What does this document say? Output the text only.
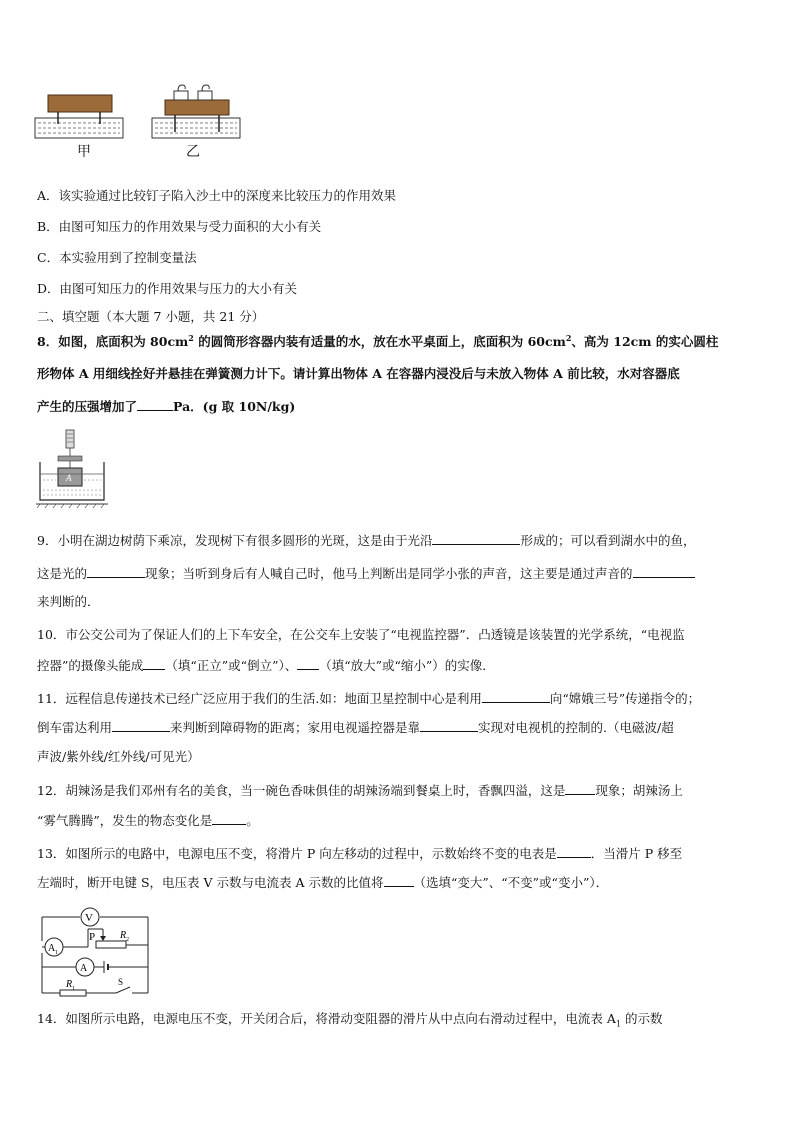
甲	乙
A．该实验通过比较钉子陷入沙土中的深度来比较压力的作用效果
B．由图可知压力的作用效果与受力面积的大小有关
C．本实验用到了控制变量法
D．由图可知压力的作用效果与压力的大小有关
二、填空题（本大题 7 小题，共 21 分）
8．如图，底面积为 $80cm^2$ 的圆筒形容器内装有适量的水，放在水平桌面上，底面积为 $60cm^2$、高为 12cm 的实心圆柱
形物体 A 用细线拴好并悬挂在弹簧测力计下。请计算出物体 A 在容器内浸没后与未放入物体 A 前比较，水对容器底
产生的压强增加了	Pa．(g 取 10N/kg)
A
9．小明在湖边树荫下乘凉，发现树下有很多圆形的光斑，这是由于光沿	形成的；可以看到湖水中的鱼，
这是光的	现象；当听到身后有人喊自己时，他马上判断出是同学小张的声音，这主要是通过声音的
来判断的．
10．市公交公司为了保证人们的上下车安全，在公交车上安装了“电视监控器”．凸透镜是该装置的光学系统，“电视监
控器”的摄像头能成 （填“正立”或“倒立”）、 （填“放大”或“缩小”）的实像．
11．远程信息传递技术已经广泛应用于我们的生活.如：地面卫星控制中心是利用	向“嫦娥三号”传递指令的；
倒车雷达利用	来判断到障碍物的距离；家用电视遥控器是靠	实现对电视机的控制的.（电磁波/超
声波/紫外线/红外线/可见光）
12．胡辣汤是我们邓州有名的美食，当一碗色香味俱佳的胡辣汤端到餐桌上时，香飘四溢，这是 现象；胡辣汤上
“雾气腾腾”，发生的物态变化是	。
13．如图所示的电路中，电源电压不变，将滑片 P 向左移动的过程中，示数始终不变的电表是	．当滑片 P 移至
左端时，断开电键 S，电压表 V 示数与电流表 A 示数的比值将 （选填“变大”、“不变”或“变小”）．
V
A 1
P R 2
A
R 1
S
14．如图所示电路，电源电压不变，开关闭合后，将滑动变阻器的滑片从中点向右滑动过程中，电流表 $A_1$ 的示数
